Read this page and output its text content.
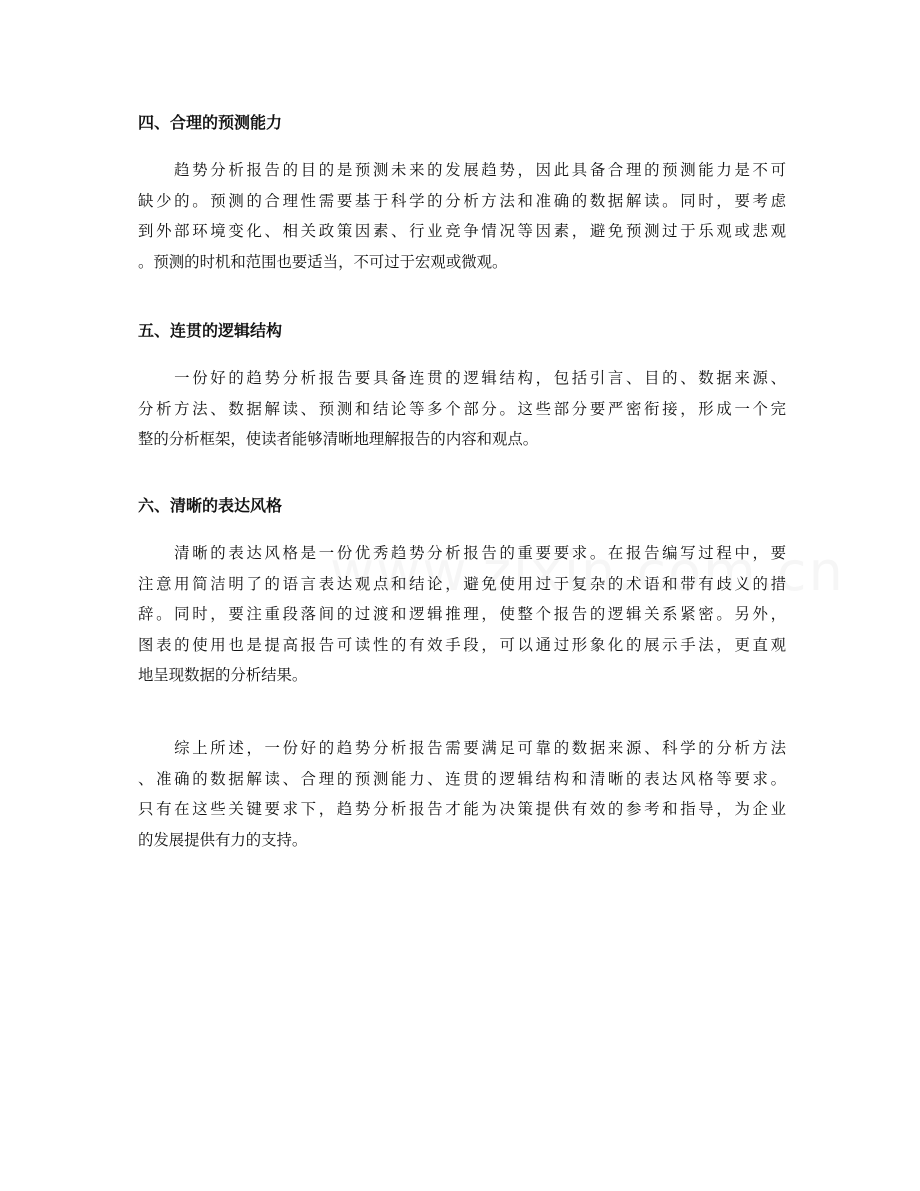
四、合理的预测能力
　　趋势分析报告的目的是预测未来的发展趋势，因此具备合理的预测能力是不可
缺少的。预测的合理性需要基于科学的分析方法和准确的数据解读。同时，要考虑
到外部环境变化、相关政策因素、行业竞争情况等因素，避免预测过于乐观或悲观
。预测的时机和范围也要适当，不可过于宏观或微观。
五、连贯的逻辑结构
　　一份好的趋势分析报告要具备连贯的逻辑结构，包括引言、目的、数据来源、
分析方法、数据解读、预测和结论等多个部分。这些部分要严密衔接，形成一个完
整的分析框架，使读者能够清晰地理解报告的内容和观点。
六、清晰的表达风格
　　清晰的表达风格是一份优秀趋势分析报告的重要要求。在报告编写过程中，要
注意用简洁明了的语言表达观点和结论，避免使用过于复杂的术语和带有歧义的措
辞。同时，要注重段落间的过渡和逻辑推理，使整个报告的逻辑关系紧密。另外，
图表的使用也是提高报告可读性的有效手段，可以通过形象化的展示手法，更直观
地呈现数据的分析结果。
　　综上所述，一份好的趋势分析报告需要满足可靠的数据来源、科学的分析方法
、准确的数据解读、合理的预测能力、连贯的逻辑结构和清晰的表达风格等要求。
只有在这些关键要求下，趋势分析报告才能为决策提供有效的参考和指导，为企业
的发展提供有力的支持。
